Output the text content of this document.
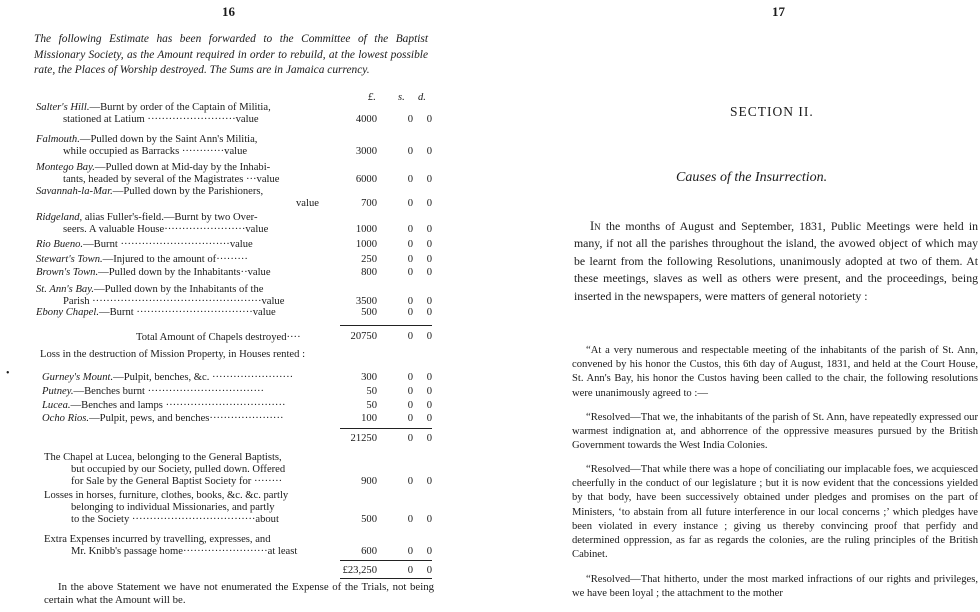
16	17
The following Estimate has been forwarded to the Committee of the Baptist Missionary Society, as the Amount required in order to rebuild, at the lowest possible rate, the Places of Worship destroyed. The Sums are in Jamaica currency.
£. s. d.
Salter's Hill.—Burnt by order of the Captain of Militia,
stationed at Latium ·························value	4000	0	0
Falmouth.—Pulled down by the Saint Ann's Militia,
while occupied as Barracks ············value	3000	0	0
Montego Bay.—Pulled down at Mid-day by the Inhabi-
tants, headed by several of the Magistrates ···value	6000	0	0
Savannah-la-Mar.—Pulled down by the Parishioners,
value	700	0	0
Ridgeland, alias Fuller's-field.—Burnt by two Over-
seers. A valuable House·······················value	1000	0	0
Rio Bueno.—Burnt ·······························value	1000	0	0
Stewart's Town.—Injured to the amount of·········	250	0	0
Brown's Town.—Pulled down by the Inhabitants··value	800	0	0
St. Ann's Bay.—Pulled down by the Inhabitants of the
Parish ················································value	3500	0	0
Ebony Chapel.—Burnt ·································value	500	0	0
Total Amount of Chapels destroyed····	20750	0	0
Loss in the destruction of Mission Property, in Houses rented :
Gurney's Mount.—Pulpit, benches, &c. ·······················	300	0	0
Putney.—Benches burnt ·································	50	0	0
Lucea.—Benches and lamps ··································	50	0	0
Ocho Rios.—Pulpit, pews, and benches·····················	100	0	0
21250	0	0
The Chapel at Lucea, belonging to the General Baptists,
but occupied by our Society, pulled down. Offered
for Sale by the General Baptist Society for ········	900	0	0
Losses in horses, furniture, clothes, books, &c. &c. partly
belonging to individual Missionaries, and partly
to the Society ···································about	500	0	0
Extra Expenses incurred by travelling, expresses, and
Mr. Knibb's passage home························at least	600	0	0
£23,250	0	0
In the above Statement we have not enumerated the Expense of the Trials, not being certain what the Amount will be.
•
SECTION II.
Causes of the Insurrection.
In the months of August and September, 1831, Public Meetings were held in many, if not all the parishes throughout the island, the avowed object of which may be learnt from the following Resolutions, unanimously adopted at two of them. At these meetings, slaves as well as others were present, and the proceedings, being inserted in the newspapers, were matters of general notoriety :
“At a very numerous and respectable meeting of the inhabitants of the parish of St. Ann, convened by his honor the Custos, this 6th day of August, 1831, and held at the Court House, St. Ann's Bay, his honor the Custos having been called to the chair, the following resolutions were unanimously agreed to :—
“Resolved—That we, the inhabitants of the parish of St. Ann, have repeatedly expressed our warmest indignation at, and abhorrence of the oppressive measures pursued by the British Government towards the West India Colonies.
“Resolved—That while there was a hope of conciliating our implacable foes, we acquiesced cheerfully in the conduct of our legislature ; but it is now evident that the concessions yielded by that body, have been successively obtained under pledges and promises on the part of Ministers, ‘to abstain from all future interference in our local concerns ;’ which pledges have been violated in every instance ; giving us thereby convincing proof that perfidy and determined oppression, as far as regards the colonies, are the ruling principles of the British Cabinet.
“Resolved—That hitherto, under the most marked infractions of our rights and privileges, we have been loyal ; the attachment to the mother
